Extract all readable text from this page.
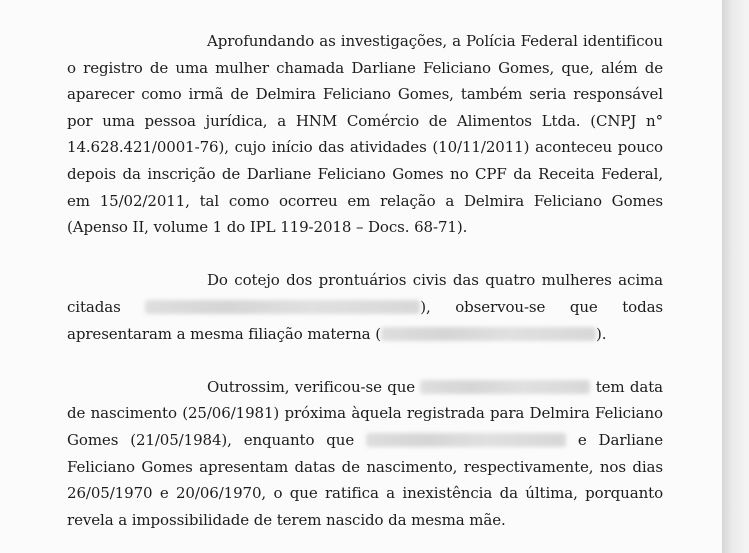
Aprofundando as investigações, a Polícia Federal identificou o registro de uma mulher chamada Darliane Feliciano Gomes, que, além de aparecer como irmã de Delmira Feliciano Gomes, também seria responsável por uma pessoa jurídica, a HNM Comércio de Alimentos Ltda. (CNPJ n° 14.628.421/0001-76), cujo início das atividades (10/11/2011) aconteceu pouco depois da inscrição de Darliane Feliciano Gomes no CPF da Receita Federal, em 15/02/2011, tal como ocorreu em relação a Delmira Feliciano Gomes (Apenso II, volume 1 do IPL 119-2018 – Docs. 68-71).

Do cotejo dos prontuários civis das quatro mulheres acima citadas	), observou-se que todas apresentaram a mesma filiação materna (	).

Outrossim, verificou-se que	tem data de nascimento (25/06/1981) próxima àquela registrada para Delmira Feliciano Gomes (21/05/1984), enquanto que	e Darliane Feliciano Gomes apresentam datas de nascimento, respectivamente, nos dias 26/05/1970 e 20/06/1970, o que ratifica a inexistência da última, porquanto revela a impossibilidade de terem nascido da mesma mãe.
